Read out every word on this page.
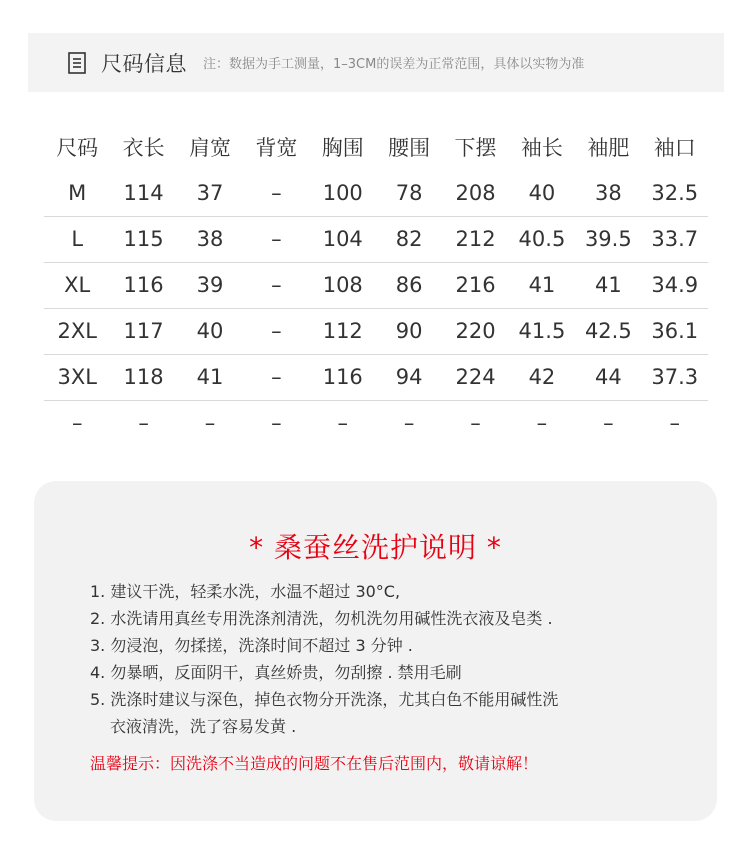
尺码信息 注：数据为手工测量，1–3CM的误差为正常范围，具体以实物为准
尺码	衣长	肩宽	背宽	胸围	腰围	下摆	袖长	袖肥	袖口
M	114	37	–	100	78	208	40	38	32.5
L	115	38	–	104	82	212	40.5	39.5	33.7
XL	116	39	–	108	86	216	41	41	34.9
2XL	117	40	–	112	90	220	41.5	42.5	36.1
3XL	118	41	–	116	94	224	42	44	37.3
–	–	–	–	–	–	–	–	–	–
* 桑蚕丝洗护说明 *
1. 建议干洗，轻柔水洗，水温不超过 30°C,
2. 水洗请用真丝专用洗涤剂清洗，勿机洗勿用碱性洗衣液及皂类 .
3. 勿浸泡，勿揉搓，洗涤时间不超过 3 分钟 .
4. 勿暴晒，反面阴干，真丝娇贵，勿刮擦 . 禁用毛刷
5. 洗涤时建议与深色，掉色衣物分开洗涤，尤其白色不能用碱性洗
衣液清洗，洗了容易发黄 .
温馨提示：因洗涤不当造成的问题不在售后范围内，敬请谅解！
